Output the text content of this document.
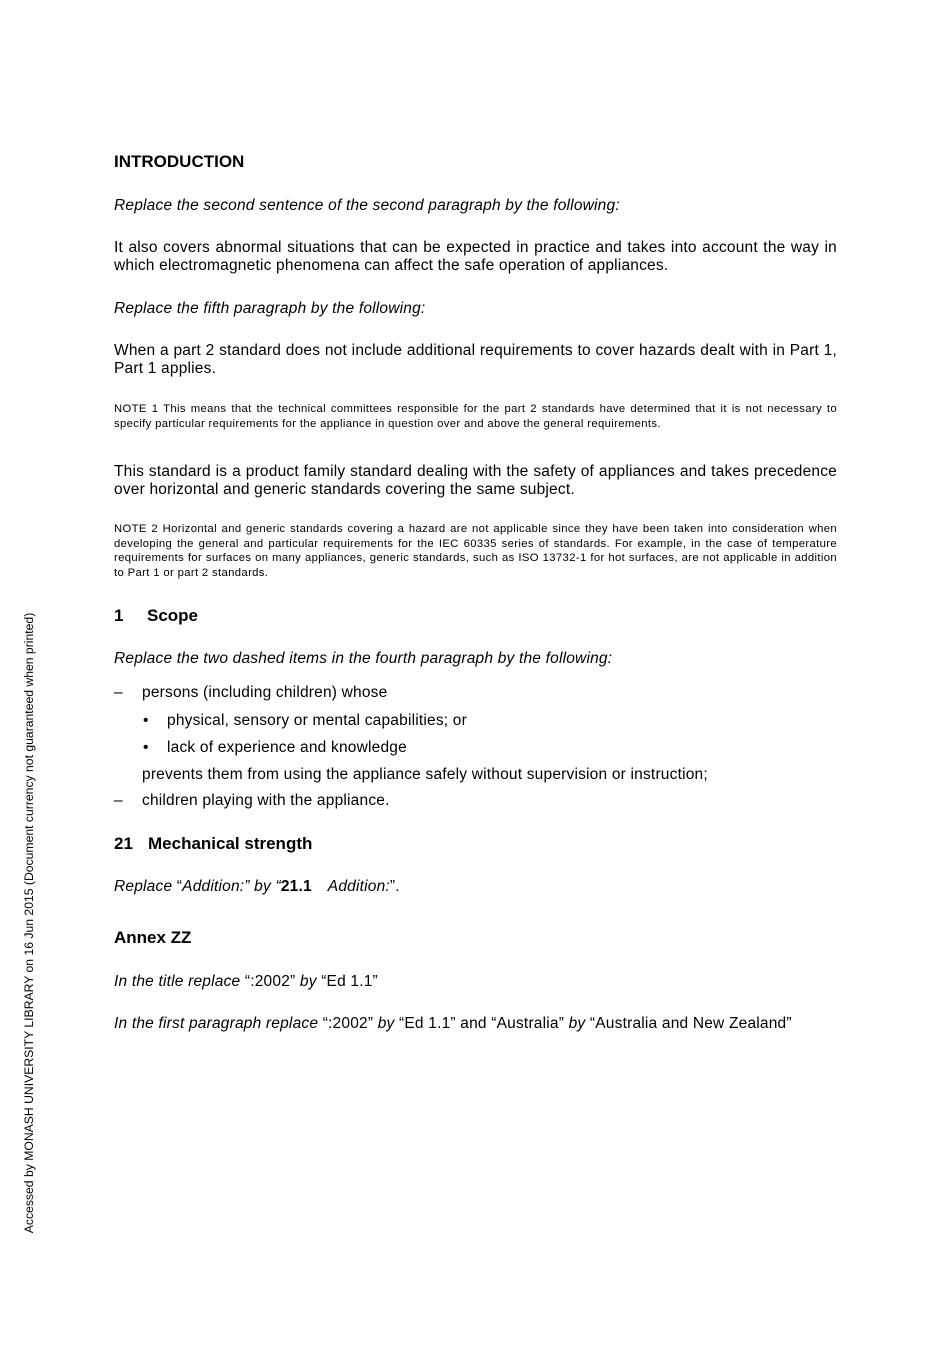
Accessed by MONASH UNIVERSITY LIBRARY on 16 Jun 2015 (Document currency not guaranteed when printed)
INTRODUCTION

Replace the second sentence of the second paragraph by the following:

It also covers abnormal situations that can be expected in practice and takes into account the way in which electromagnetic phenomena can affect the safe operation of appliances.

Replace the fifth paragraph by the following:

When a part 2 standard does not include additional requirements to cover hazards dealt with in Part 1, Part 1 applies.

NOTE 1 This means that the technical committees responsible for the part 2 standards have determined that it is not necessary to specify particular requirements for the appliance in question over and above the general requirements.

This standard is a product family standard dealing with the safety of appliances and takes precedence over horizontal and generic standards covering the same subject.

NOTE 2 Horizontal and generic standards covering a hazard are not applicable since they have been taken into consideration when developing the general and particular requirements for the IEC 60335 series of standards. For example, in the case of temperature requirements for surfaces on many appliances, generic standards, such as ISO 13732-1 for hot surfaces, are not applicable in addition to Part 1 or part 2 standards.

1 Scope

Replace the two dashed items in the fourth paragraph by the following:

– persons (including children) whose
• physical, sensory or mental capabilities; or
• lack of experience and knowledge
prevents them from using the appliance safely without supervision or instruction;
– children playing with the appliance.
21 Mechanical strength

Replace “Addition:” by “21.1 Addition:”.

Annex ZZ

In the title replace “:2002” by “Ed 1.1”

In the first paragraph replace “:2002” by “Ed 1.1” and “Australia” by “Australia and New Zealand”
